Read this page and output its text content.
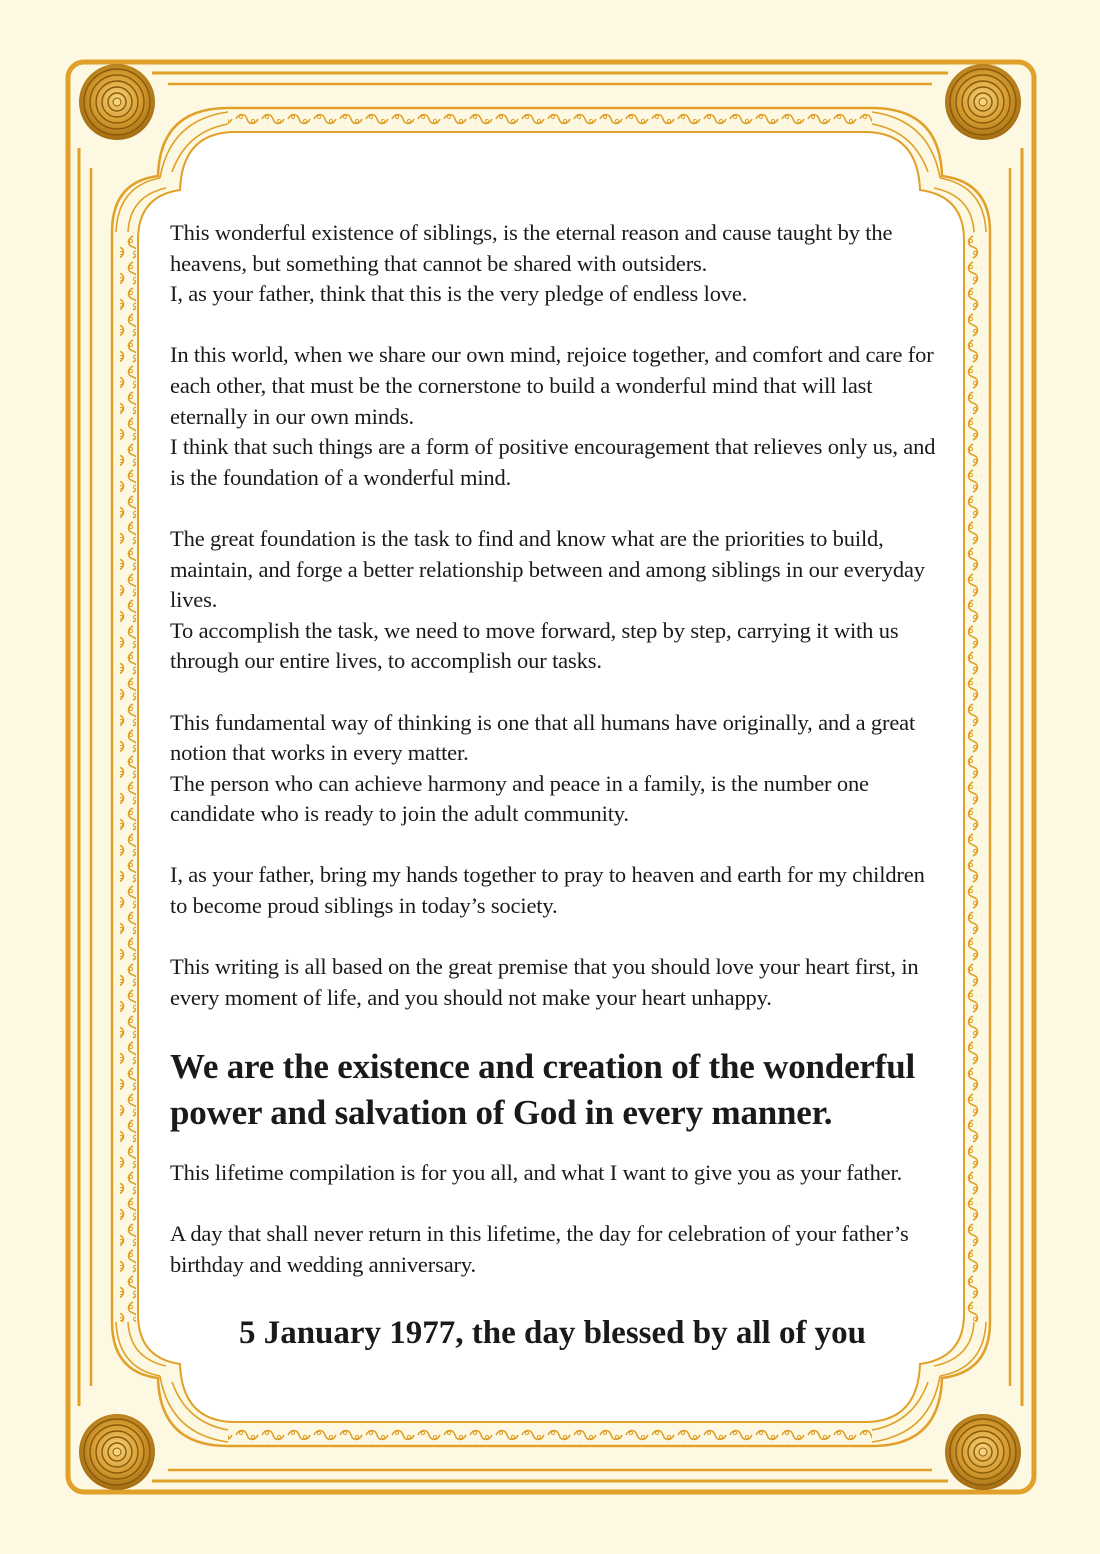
This wonderful existence of siblings, is the eternal reason and cause taught by the heavens, but something that cannot be shared with outsiders.
I, as your father, think that this is the very pledge of endless love.

In this world, when we share our own mind, rejoice together, and comfort and care for each other, that must be the cornerstone to build a wonderful mind that will last eternally in our own minds.
I think that such things are a form of positive encouragement that relieves only us, and is the foundation of a wonderful mind.

The great foundation is the task to find and know what are the priorities to build, maintain, and forge a better relationship between and among siblings in our everyday lives.
To accomplish the task, we need to move forward, step by step, carrying it with us through our entire lives, to accomplish our tasks.

This fundamental way of thinking is one that all humans have originally, and a great notion that works in every matter.
The person who can achieve harmony and peace in a family, is the number one candidate who is ready to join the adult community.

I, as your father, bring my hands together to pray to heaven and earth for my children to become proud siblings in today’s society.

This writing is all based on the great premise that you should love your heart first, in every moment of life, and you should not make your heart unhappy.

We are the existence and creation of the wonderful power and salvation of God in every manner.

This lifetime compilation is for you all, and what I want to give you as your father.

A day that shall never return in this lifetime, the day for celebration of your father’s birthday and wedding anniversary.

5 January 1977, the day blessed by all of you
